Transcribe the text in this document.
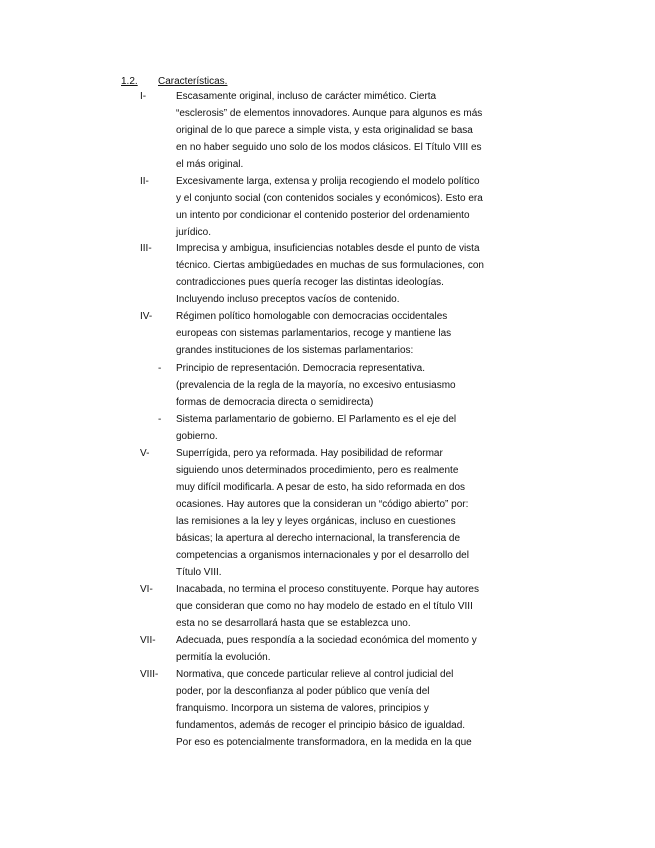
1.2. Características.
I-	Escasamente original, incluso de carácter mimético. Cierta
“esclerosis” de elementos innovadores. Aunque para algunos es más
original de lo que parece a simple vista, y esta originalidad se basa
en no haber seguido uno solo de los modos clásicos. El Título VIII es
el más original.
II-	Excesivamente larga, extensa y prolija recogiendo el modelo político
y el conjunto social (con contenidos sociales y económicos). Esto era
un intento por condicionar el contenido posterior del ordenamiento
jurídico.
III- Imprecisa y ambigua, insuficiencias notables desde el punto de vista
técnico. Ciertas ambigüedades en muchas de sus formulaciones, con
contradicciones pues quería recoger las distintas ideologías.
Incluyendo incluso preceptos vacíos de contenido.
IV- Régimen político homologable con democracias occidentales
europeas con sistemas parlamentarios, recoge y mantiene las
grandes instituciones de los sistemas parlamentarios:
- Principio de representación. Democracia representativa.
(prevalencia de la regla de la mayoría, no excesivo entusiasmo
formas de democracia directa o semidirecta)
- Sistema parlamentario de gobierno. El Parlamento es el eje del
gobierno.
V-	Superrígida, pero ya reformada. Hay posibilidad de reformar
siguiendo unos determinados procedimiento, pero es realmente
muy difícil modificarla. A pesar de esto, ha sido reformada en dos
ocasiones. Hay autores que la consideran un “código abierto” por:
las remisiones a la ley y leyes orgánicas, incluso en cuestiones
básicas; la apertura al derecho internacional, la transferencia de
competencias a organismos internacionales y por el desarrollo del
Título VIII.
VI- Inacabada, no termina el proceso constituyente. Porque hay autores
que consideran que como no hay modelo de estado en el título VIII
esta no se desarrollará hasta que se establezca uno.
VII- Adecuada, pues respondía a la sociedad económica del momento y
permitía la evolución.
VIII- Normativa, que concede particular relieve al control judicial del
poder, por la desconfianza al poder público que venía del
franquismo. Incorpora un sistema de valores, principios y
fundamentos, además de recoger el principio básico de igualdad.
Por eso es potencialmente transformadora, en la medida en la que
